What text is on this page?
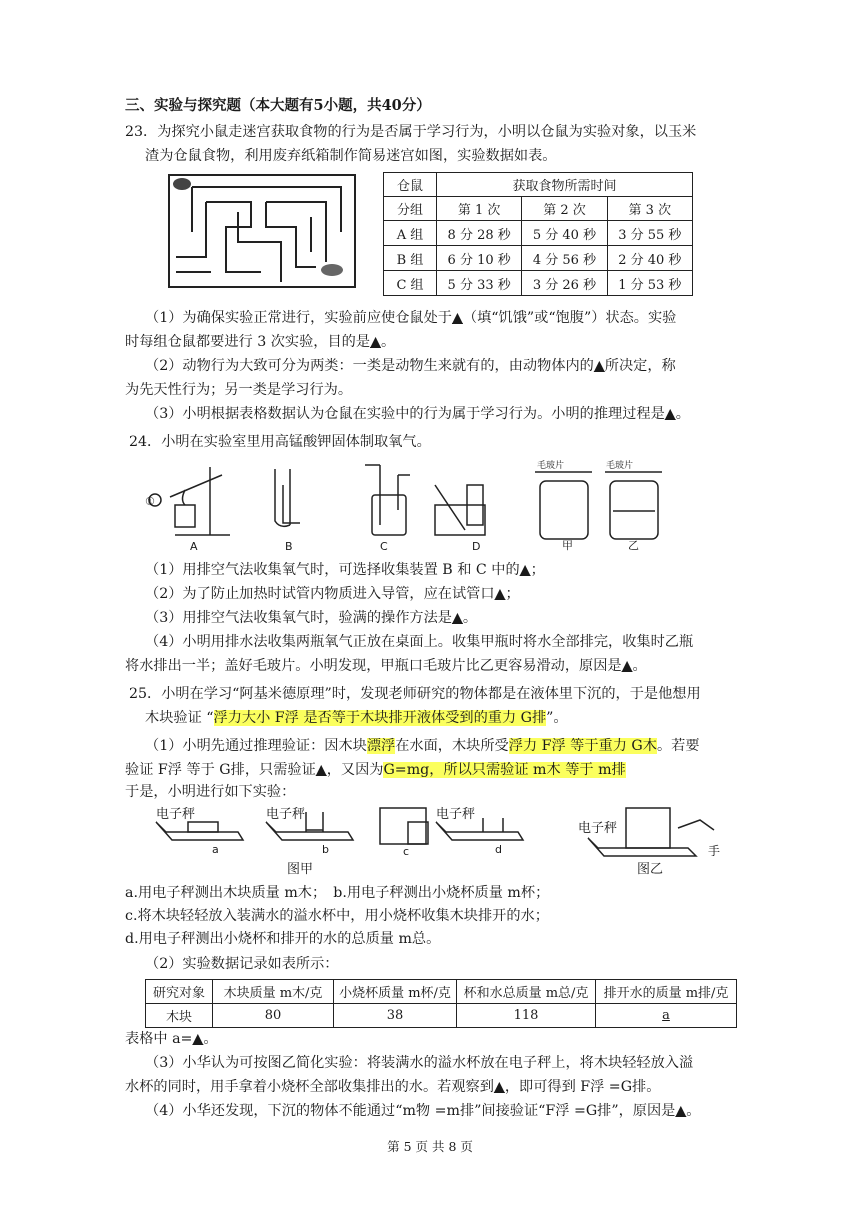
三、实验与探究题（本大题有5小题，共40分）
23．为探究小鼠走迷宫获取食物的行为是否属于学习行为，小明以仓鼠为实验对象，以玉米
渣为仓鼠食物，利用废弃纸箱制作简易迷宫如图，实验数据如表。
仓鼠	获取食物所需时间		
分组	第 1 次	第 2 次	第 3 次
A 组	8 分 28 秒	5 分 40 秒	3 分 55 秒
B 组	6 分 10 秒	4 分 56 秒	2 分 40 秒
C 组	5 分 33 秒	3 分 26 秒	1 分 53 秒
（1）为确保实验正常进行，实验前应使仓鼠处于▲（填“饥饿”或“饱腹”）状态。实验
时每组仓鼠都要进行 3 次实验，目的是▲。
（2）动物行为大致可分为两类：一类是动物生来就有的，由动物体内的▲所决定，称
为先天性行为；另一类是学习行为。
（3）小明根据表格数据认为仓鼠在实验中的行为属于学习行为。小明的推理过程是▲。
24．小明在实验室里用高锰酸钾固体制取氧气。
①
毛玻片	毛玻片
A	B	C	D	甲	乙
（1）用排空气法收集氧气时，可选择收集装置 B 和 C 中的▲；
（2）为了防止加热时试管内物质进入导管，应在试管口▲；
（3）用排空气法收集氧气时，验满的操作方法是▲。
（4）小明用排水法收集两瓶氧气正放在桌面上。收集甲瓶时将水全部排完，收集时乙瓶
将水排出一半；盖好毛玻片。小明发现，甲瓶口毛玻片比乙更容易滑动，原因是▲。
25．小明在学习“阿基米德原理”时，发现老师研究的物体都是在液体里下沉的，于是他想用
木块验证 “浮力大小 F浮 是否等于木块排开液体受到的重力 G排”。
（1）小明先通过推理验证：因木块漂浮在水面，木块所受浮力 F浮 等于重力 G木。若要
验证 F浮 等于 G排，只需验证▲，又因为G=mg，所以只需验证 m木 等于 m排
于是，小明进行如下实验：
电子秤	电子秤	电子秤
电子秤
a	b	c	d	手
图甲	图乙
a.用电子秤测出木块质量 m木；　b.用电子秤测出小烧杯质量 m杯；
c.将木块轻轻放入装满水的溢水杯中，用小烧杯收集木块排开的水；
d.用电子秤测出小烧杯和排开的水的总质量 m总。
（2）实验数据记录如表所示：
研究对象	木块质量 m木/克	小烧杯质量 m杯/克	杯和水总质量 m总/克	排开水的质量 m排/克
木块	80	38	118	a
表格中 a=▲。
（3）小华认为可按图乙简化实验：将装满水的溢水杯放在电子秤上，将木块轻轻放入溢
水杯的同时，用手拿着小烧杯全部收集排出的水。若观察到▲，即可得到 F浮 =G排。
（4）小华还发现，下沉的物体不能通过“m物 =m排”间接验证“F浮 =G排”，原因是▲。
第 5 页 共 8 页
